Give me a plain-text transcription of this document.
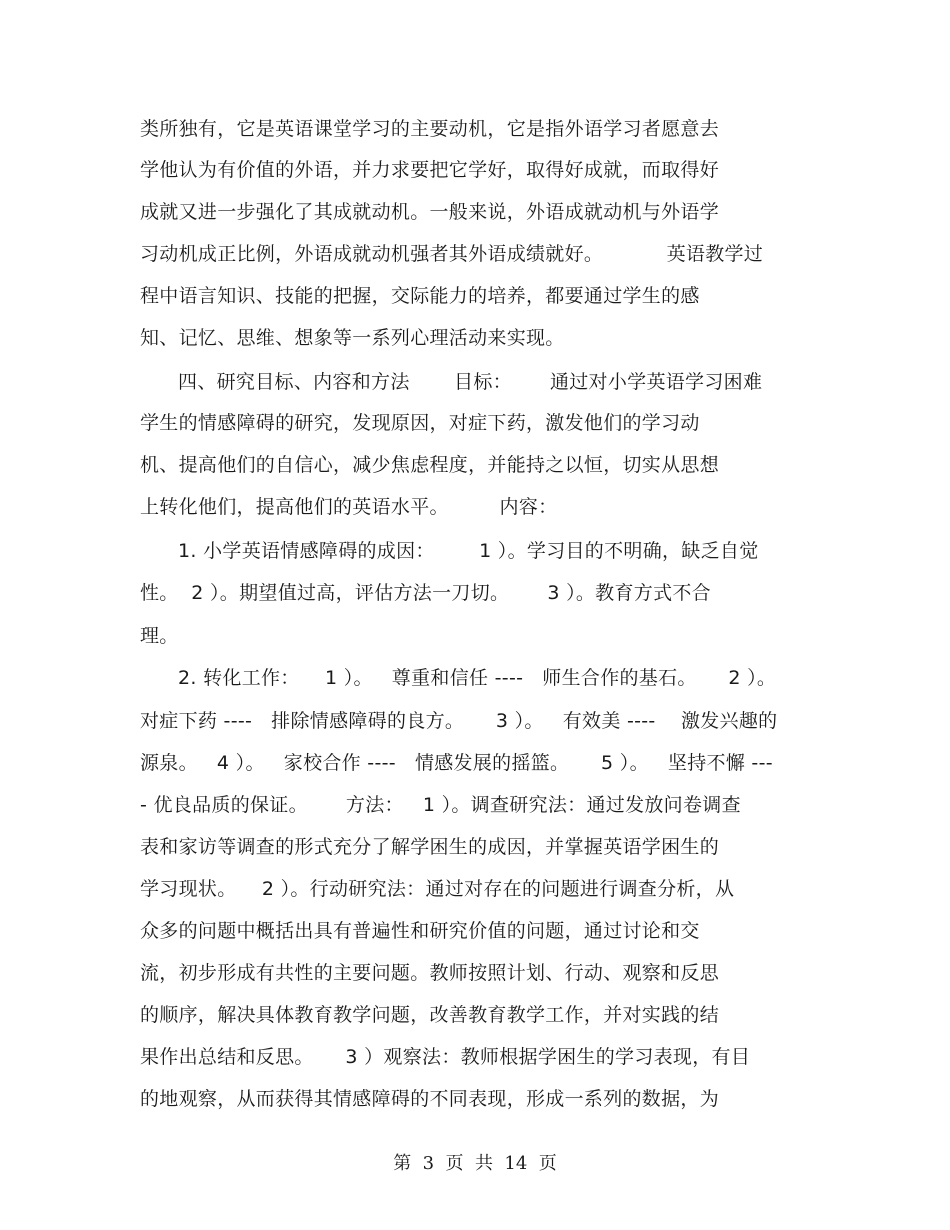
类所独有，它是英语课堂学习的主要动机，它是指外语学习者愿意去
学他认为有价值的外语，并力求要把它学好，取得好成就，而取得好
成就又进一步强化了其成就动机。一般来说，外语成就动机与外语学
习动机成正比例，外语成就动机强者其外语成绩就好。          英语教学过
程中语言知识、技能的把握，交际能力的培养，都要通过学生的感
知、记忆、思维、想象等一系列心理活动来实现。
四、研究目标、内容和方法       目标：      通过对小学英语学习困难
学生的情感障碍的研究，发现原因，对症下药，激发他们的学习动
机、提高他们的自信心，减少焦虑程度，并能持之以恒，切实从思想
上转化他们，提高他们的英语水平。        内容：
1. 小学英语情感障碍的成因：       1 ）。学习目的不明确，缺乏自觉
性。  2 ）。期望值过高，评估方法一刀切。      3 ）。教育方式不合
理。
2. 转化工作：    1 ）。   尊重和信任 ----   师生合作的基石。     2 ）。
对症下药 ----   排除情感障碍的良方。     3 ）。   有效美 ----    激发兴趣的
源泉。   4 ）。   家校合作 ----   情感发展的摇篮。     5 ）。   坚持不懈 ---
- 优良品质的保证。      方法：   1 ）。调查研究法：通过发放问卷调查
表和家访等调查的形式充分了解学困生的成因，并掌握英语学困生的
学习现状。    2 ）。行动研究法：通过对存在的问题进行调查分析，从
众多的问题中概括出具有普遍性和研究价值的问题，通过讨论和交
流，初步形成有共性的主要问题。教师按照计划、行动、观察和反思
的顺序，解决具体教育教学问题，改善教育教学工作，并对实践的结
果作出总结和反思。     3 ）观察法：教师根据学困生的学习表现，有目
的地观察，从而获得其情感障碍的不同表现，形成一系列的数据，为
第  3  页  共  14  页
